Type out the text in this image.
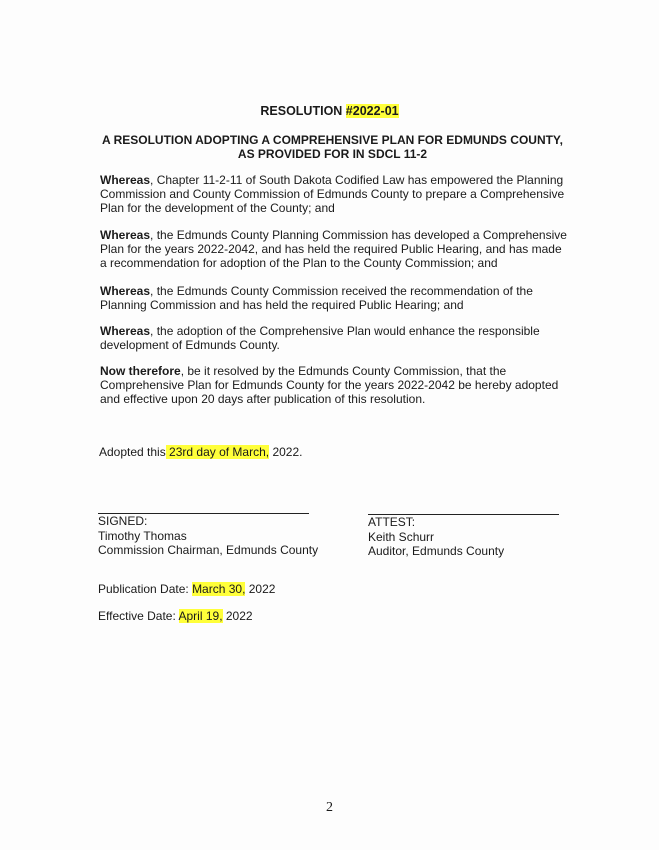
RESOLUTION #2022-01
A RESOLUTION ADOPTING A COMPREHENSIVE PLAN FOR EDMUNDS COUNTY,
AS PROVIDED FOR IN SDCL 11-2
Whereas, Chapter 11-2-11 of South Dakota Codified Law has empowered the Planning Commission and County Commission of Edmunds County to prepare a Comprehensive Plan for the development of the County; and
Whereas, the Edmunds County Planning Commission has developed a Comprehensive Plan for the years 2022-2042, and has held the required Public Hearing, and has made a recommendation for adoption of the Plan to the County Commission; and
Whereas, the Edmunds County Commission received the recommendation of the Planning Commission and has held the required Public Hearing; and
Whereas, the adoption of the Comprehensive Plan would enhance the responsible development of Edmunds County.
Now therefore, be it resolved by the Edmunds County Commission, that the Comprehensive Plan for Edmunds County for the years 2022-2042 be hereby adopted and effective upon 20 days after publication of this resolution.
Adopted this 23rd day of March, 2022.
SIGNED:
Timothy Thomas
Commission Chairman, Edmunds County
ATTEST:
Keith Schurr
Auditor, Edmunds County
Publication Date: March 30, 2022
Effective Date: April 19, 2022
2
